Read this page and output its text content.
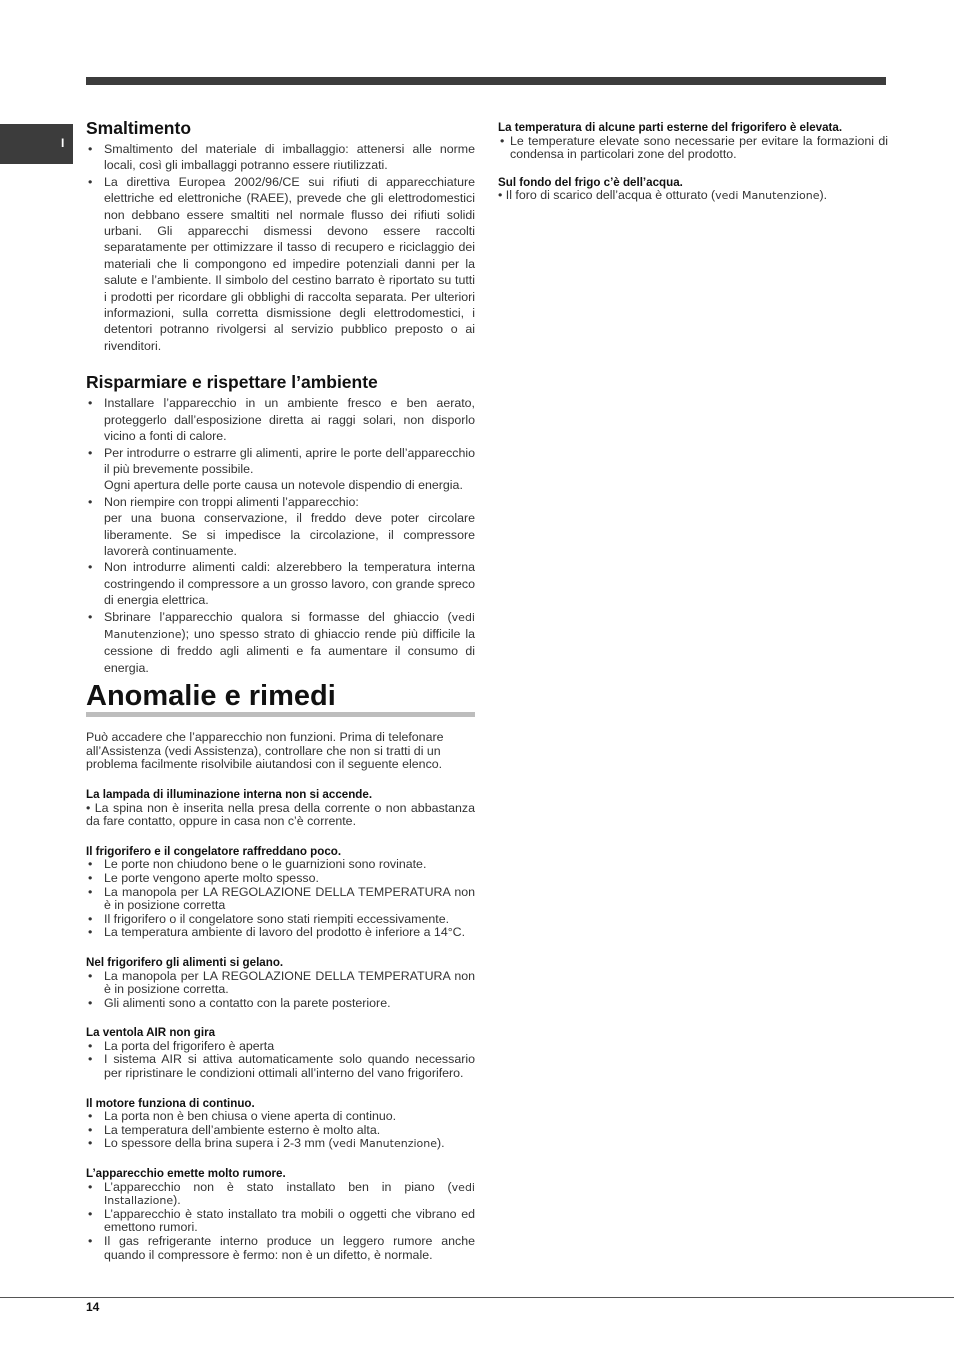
I
Smaltimento
• Smaltimento del materiale di imballaggio: attenersi alle norme locali, così gli imballaggi potranno essere riutilizzati.
• La direttiva Europea 2002/96/CE sui rifiuti di apparecchiature elettriche ed elettroniche (RAEE), prevede che gli elettrodomestici non debbano essere smaltiti nel normale flusso dei rifiuti solidi urbani. Gli apparecchi dismessi devono essere raccolti separatamente per ottimizzare il tasso di recupero e riciclaggio dei materiali che li compongono ed impedire potenziali danni per la salute e l’ambiente. Il simbolo del cestino barrato è riportato su tutti i prodotti per ricordare gli obblighi di raccolta separata. Per ulteriori informazioni, sulla corretta dismissione degli elettrodomestici, i detentori potranno rivolgersi al servizio pubblico preposto o ai rivenditori.
Risparmiare e rispettare l’ambiente
• Installare l’apparecchio in un ambiente fresco e ben aerato, proteggerlo dall’esposizione diretta ai raggi solari, non disporlo vicino a fonti di calore.
• Per introdurre o estrarre gli alimenti, aprire le porte dell’apparecchio il più brevemente possibile.
Ogni apertura delle porte causa un notevole dispendio di energia.
• Non riempire con troppi alimenti l’apparecchio:
per una buona conservazione, il freddo deve poter circolare liberamente. Se si impedisce la circolazione, il compressore lavorerà continuamente.
• Non introdurre alimenti caldi: alzerebbero la temperatura interna costringendo il compressore a un grosso lavoro, con grande spreco di energia elettrica.
• Sbrinare l’apparecchio qualora si formasse del ghiaccio (vedi Manutenzione); uno spesso strato di ghiaccio rende più difficile la cessione di freddo agli alimenti e fa aumentare il consumo di energia.
Anomalie e rimedi

Può accadere che l’apparecchio non funzioni. Prima di telefonare all’Assistenza (vedi Assistenza), controllare che non si tratti di un problema facilmente risolvibile aiutandosi con il seguente elenco.

La lampada di illuminazione interna non si accende.
• La spina non è inserita nella presa della corrente o non abbastanza da fare contatto, oppure in casa non c’è corrente.
Il frigorifero e il congelatore raffreddano poco.
• Le porte non chiudono bene o le guarnizioni sono rovinate.
• Le porte vengono aperte molto spesso.
• La manopola per LA REGOLAZIONE DELLA TEMPERATURA non è in posizione corretta
• Il frigorifero o il congelatore sono stati riempiti eccessivamente.
• La temperatura ambiente di lavoro del prodotto è inferiore a 14°C.
Nel frigorifero gli alimenti si gelano.
• La manopola per LA REGOLAZIONE DELLA TEMPERATURA non è in posizione corretta.
• Gli alimenti sono a contatto con la parete posteriore.
La ventola AIR non gira
• La porta del frigorifero è aperta
• I sistema AIR si attiva automaticamente solo quando necessario per ripristinare le condizioni ottimali all’interno del vano frigorifero.
Il motore funziona di continuo.
• La porta non è ben chiusa o viene aperta di continuo.
• La temperatura dell’ambiente esterno è molto alta.
• Lo spessore della brina supera i 2-3 mm (vedi Manutenzione).
L’apparecchio emette molto rumore.
• L’apparecchio non è stato installato ben in piano (vedi Installazione).
• L’apparecchio è stato installato tra mobili o oggetti che vibrano ed emettono rumori.
• Il gas refrigerante interno produce un leggero rumore anche quando il compressore è fermo: non è un difetto, è normale.
La temperatura di alcune parti esterne del frigorifero è elevata.
• Le temperature elevate sono necessarie per evitare la formazioni di condensa in particolari zone del prodotto.
Sul fondo del frigo c’è dell’acqua.
• Il foro di scarico dell’acqua è otturato (vedi Manutenzione).
14
